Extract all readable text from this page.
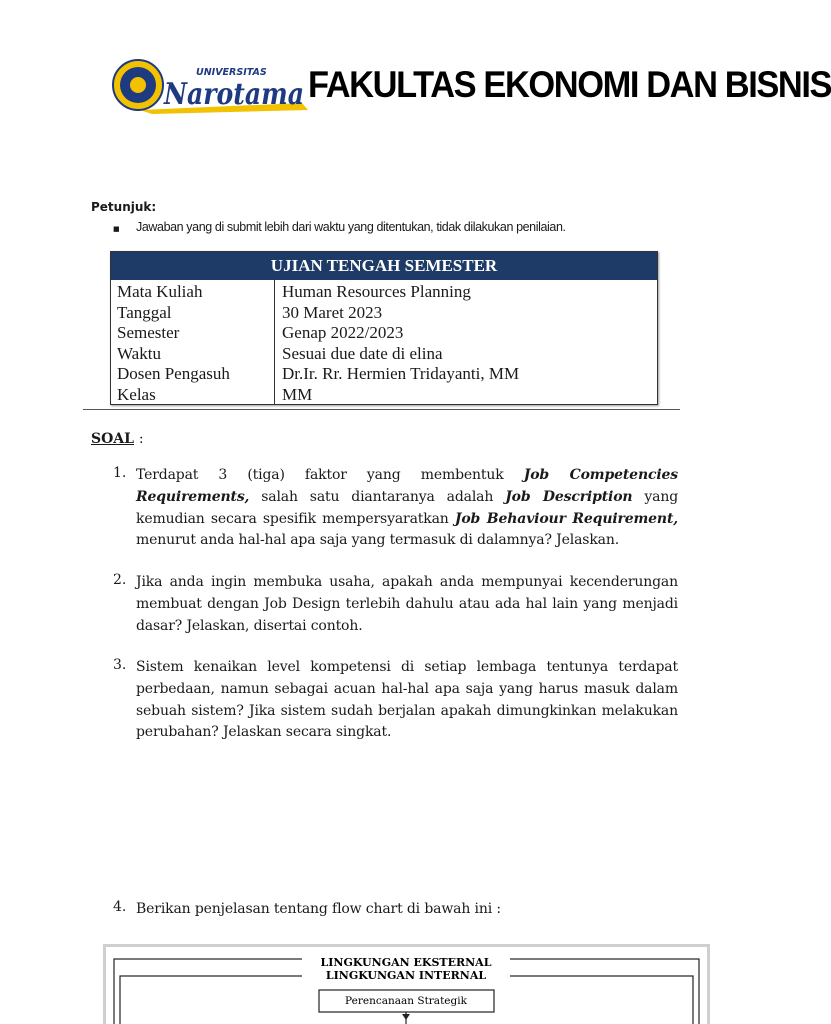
UNIVERSITAS
Narotama FAKULTAS EKONOMI DAN BISNIS
Petunjuk:
■ Jawaban yang di submit lebih dari waktu yang ditentukan, tidak dilakukan penilaian.
UJIAN TENGAH SEMESTER
Mata Kuliah
Tanggal
Semester
Waktu
Dosen Pengasuh
Kelas
Human Resources Planning
30 Maret 2023
Genap 2022/2023
Sesuai due date di elina
Dr.Ir. Rr. Hermien Tridayanti, MM
MM
SOAL :
1. Terdapat 3 (tiga) faktor yang membentuk Job Competencies Requirements, salah satu diantaranya adalah Job Description yang kemudian secara spesifik mempersyaratkan Job Behaviour Requirement, menurut anda hal-hal apa saja yang termasuk di dalamnya? Jelaskan.
2. Jika anda ingin membuka usaha, apakah anda mempunyai kecenderungan membuat dengan Job Design terlebih dahulu atau ada hal lain yang menjadi dasar? Jelaskan, disertai contoh.
3. Sistem kenaikan level kompetensi di setiap lembaga tentunya terdapat perbedaan, namun sebagai acuan hal-hal apa saja yang harus masuk dalam sebuah sistem? Jika sistem sudah berjalan apakah dimungkinkan melakukan perubahan? Jelaskan secara singkat.
4. Berikan penjelasan tentang flow chart di bawah ini :
LINGKUNGAN EKSTERNAL
LINGKUNGAN INTERNAL
Perencanaan Strategik
